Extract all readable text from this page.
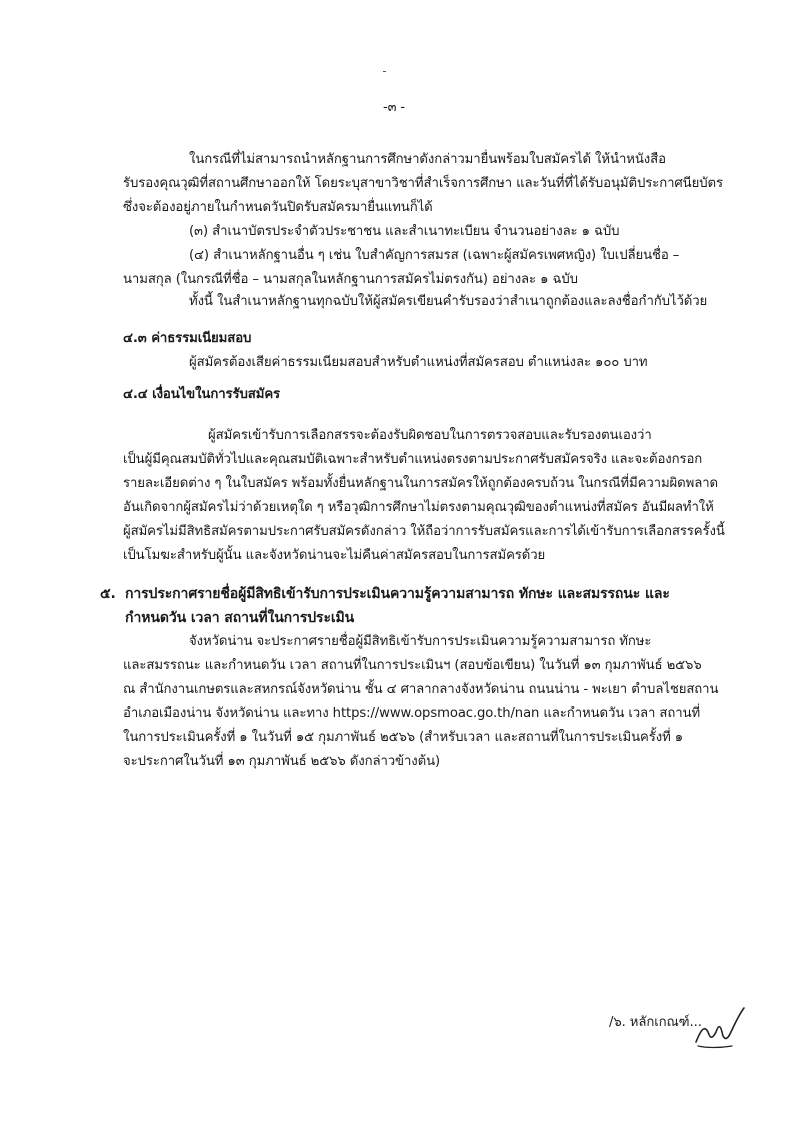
-๓ -
ในกรณีที่ไม่สามารถนำหลักฐานการศึกษาดังกล่าวมายื่นพร้อมใบสมัครได้ ให้นำหนังสือ
รับรองคุณวุฒิที่สถานศึกษาออกให้ โดยระบุสาขาวิชาที่สำเร็จการศึกษา และวันที่ที่ได้รับอนุมัติประกาศนียบัตร
ซึ่งจะต้องอยู่ภายในกำหนดวันปิดรับสมัครมายื่นแทนก็ได้
(๓) สำเนาบัตรประจำตัวประชาชน และสำเนาทะเบียน จำนวนอย่างละ ๑ ฉบับ
(๔) สำเนาหลักฐานอื่น ๆ เช่น ใบสำคัญการสมรส (เฉพาะผู้สมัครเพศหญิง) ใบเปลี่ยนชื่อ –
นามสกุล (ในกรณีที่ชื่อ – นามสกุลในหลักฐานการสมัครไม่ตรงกัน) อย่างละ ๑ ฉบับ
ทั้งนี้ ในสำเนาหลักฐานทุกฉบับให้ผู้สมัครเขียนคำรับรองว่าสำเนาถูกต้องและลงชื่อกำกับไว้ด้วย
๔.๓ ค่าธรรมเนียมสอบ
ผู้สมัครต้องเสียค่าธรรมเนียมสอบสำหรับตำแหน่งที่สมัครสอบ ตำแหน่งละ ๑๐๐ บาท
๔.๔ เงื่อนไขในการรับสมัคร
ผู้สมัครเข้ารับการเลือกสรรจะต้องรับผิดชอบในการตรวจสอบและรับรองตนเองว่า
เป็นผู้มีคุณสมบัติทั่วไปและคุณสมบัติเฉพาะสำหรับตำแหน่งตรงตามประกาศรับสมัครจริง และจะต้องกรอก
รายละเอียดต่าง ๆ ในใบสมัคร พร้อมทั้งยื่นหลักฐานในการสมัครให้ถูกต้องครบถ้วน ในกรณีที่มีความผิดพลาด
อันเกิดจากผู้สมัครไม่ว่าด้วยเหตุใด ๆ หรือวุฒิการศึกษาไม่ตรงตามคุณวุฒิของตำแหน่งที่สมัคร อันมีผลทำให้
ผู้สมัครไม่มีสิทธิสมัครตามประกาศรับสมัครดังกล่าว ให้ถือว่าการรับสมัครและการได้เข้ารับการเลือกสรรครั้งนี้
เป็นโมฆะสำหรับผู้นั้น และจังหวัดน่านจะไม่คืนค่าสมัครสอบในการสมัครด้วย
๕. การประกาศรายชื่อผู้มีสิทธิเข้ารับการประเมินความรู้ความสามารถ ทักษะ และสมรรถนะ และ
กำหนดวัน เวลา สถานที่ในการประเมิน
จังหวัดน่าน จะประกาศรายชื่อผู้มีสิทธิเข้ารับการประเมินความรู้ความสามารถ ทักษะ
และสมรรถนะ และกำหนดวัน เวลา สถานที่ในการประเมินฯ (สอบข้อเขียน) ในวันที่ ๑๓ กุมภาพันธ์ ๒๕๖๖
ณ สำนักงานเกษตรและสหกรณ์จังหวัดน่าน ชั้น ๔ ศาลากลางจังหวัดน่าน ถนนน่าน - พะเยา ตำบลไชยสถาน
อำเภอเมืองน่าน จังหวัดน่าน และทาง https://www.opsmoac.go.th/nan และกำหนดวัน เวลา สถานที่
ในการประเมินครั้งที่ ๑ ในวันที่ ๑๕ กุมภาพันธ์ ๒๕๖๖ (สำหรับเวลา และสถานที่ในการประเมินครั้งที่ ๑
จะประกาศในวันที่ ๑๓ กุมภาพันธ์ ๒๕๖๖ ดังกล่าวข้างต้น)
/๖. หลักเกณฑ์...
